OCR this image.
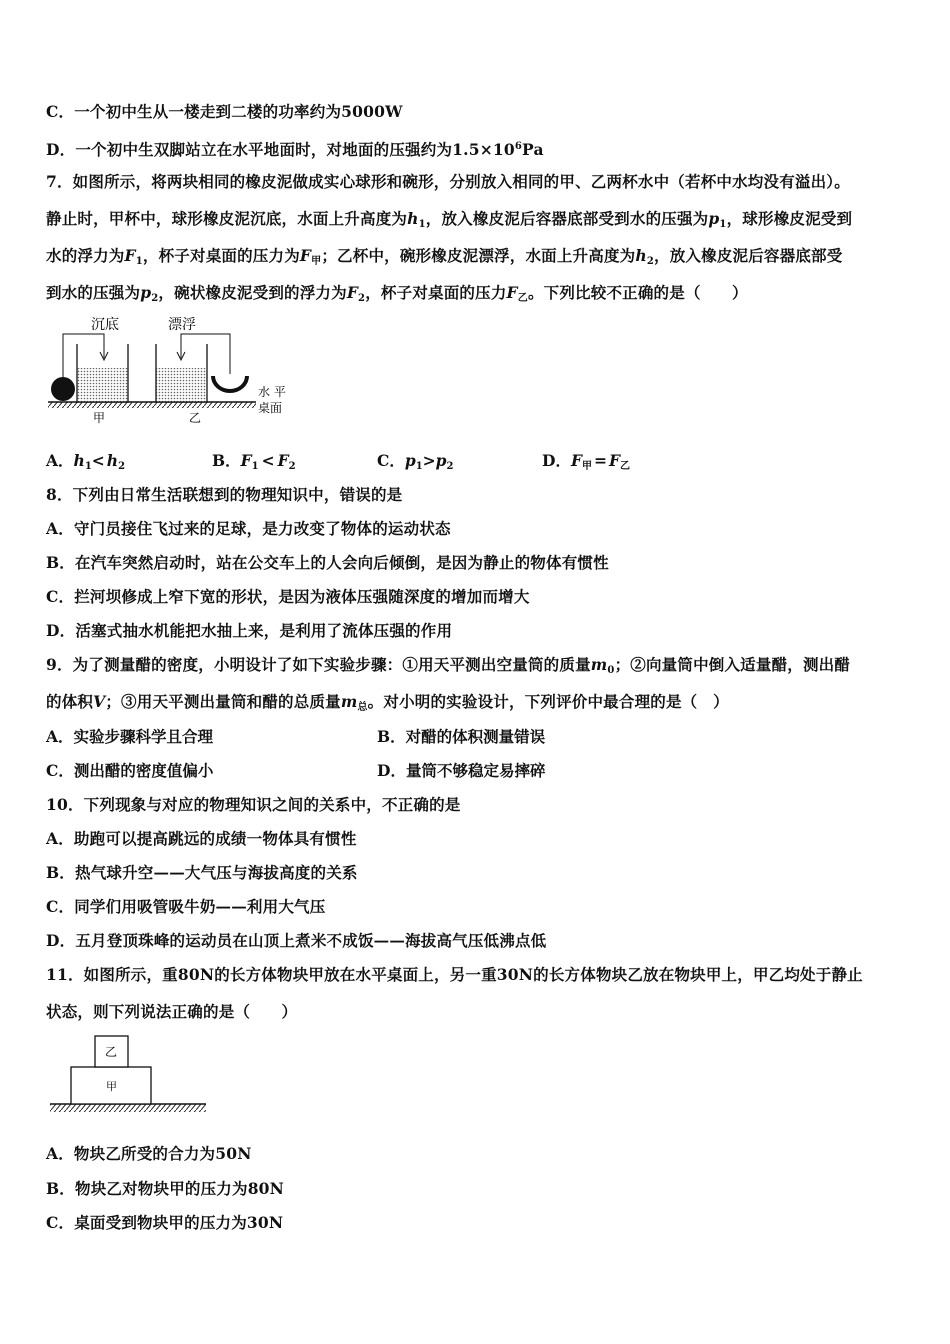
C．一个初中生从一楼走到二楼的功率约为5000W
D．一个初中生双脚站立在水平地面时，对地面的压强约为$1.5\times 10^6Pa$
7．如图所示，将两块相同的橡皮泥做成实心球形和碗形，分别放入相同的甲、乙两杯水中（若杯中水均没有溢出）。
静止时，甲杯中，球形橡皮泥沉底，水面上升高度为$h_1$，放入橡皮泥后容器底部受到水的压强为$p_1$，球形橡皮泥受到
水的浮力为$F_1$，杯子对桌面的压力为$F_甲$；乙杯中，碗形橡皮泥漂浮，水面上升高度为$h_2$，放入橡皮泥后容器底部受
到水的压强为$p_2$，碗状橡皮泥受到的浮力为$F_2$，杯子对桌面的压力$F_乙$。下列比较不正确的是（　　）
沉底	漂浮
水 平
桌面
甲	乙
A．$h_1< h_2$	B．$F_1 < F_2$	C．$p_1>p_2$	D．$F_甲 = F_乙$
8．下列由日常生活联想到的物理知识中，错误的是
A．守门员接住飞过来的足球，是力改变了物体的运动状态
B．在汽车突然启动时，站在公交车上的人会向后倾倒，是因为静止的物体有惯性
C．拦河坝修成上窄下宽的形状，是因为液体压强随深度的增加而增大
D．活塞式抽水机能把水抽上来，是利用了流体压强的作用
9．为了测量醋的密度，小明设计了如下实验步骤：①用天平测出空量筒的质量$m_0$；②向量筒中倒入适量醋，测出醋
的体积V；③用天平测出量筒和醋的总质量$m_总$。对小明的实验设计，下列评价中最合理的是（　）
A．实验步骤科学且合理	B．对醋的体积测量错误
C．测出醋的密度值偏小	D．量筒不够稳定易摔碎
10．下列现象与对应的物理知识之间的关系中，不正确的是
A．助跑可以提高跳远的成绩一物体具有惯性
B．热气球升空——大气压与海拔高度的关系
C．同学们用吸管吸牛奶——利用大气压
D．五月登顶珠峰的运动员在山顶上煮米不成饭——海拔高气压低沸点低
11．如图所示，重80N的长方体物块甲放在水平桌面上，另一重30N的长方体物块乙放在物块甲上，甲乙均处于静止
状态，则下列说法正确的是（　　）
乙
甲
A．物块乙所受的合力为50N
B．物块乙对物块甲的压力为80N
C．桌面受到物块甲的压力为30N
